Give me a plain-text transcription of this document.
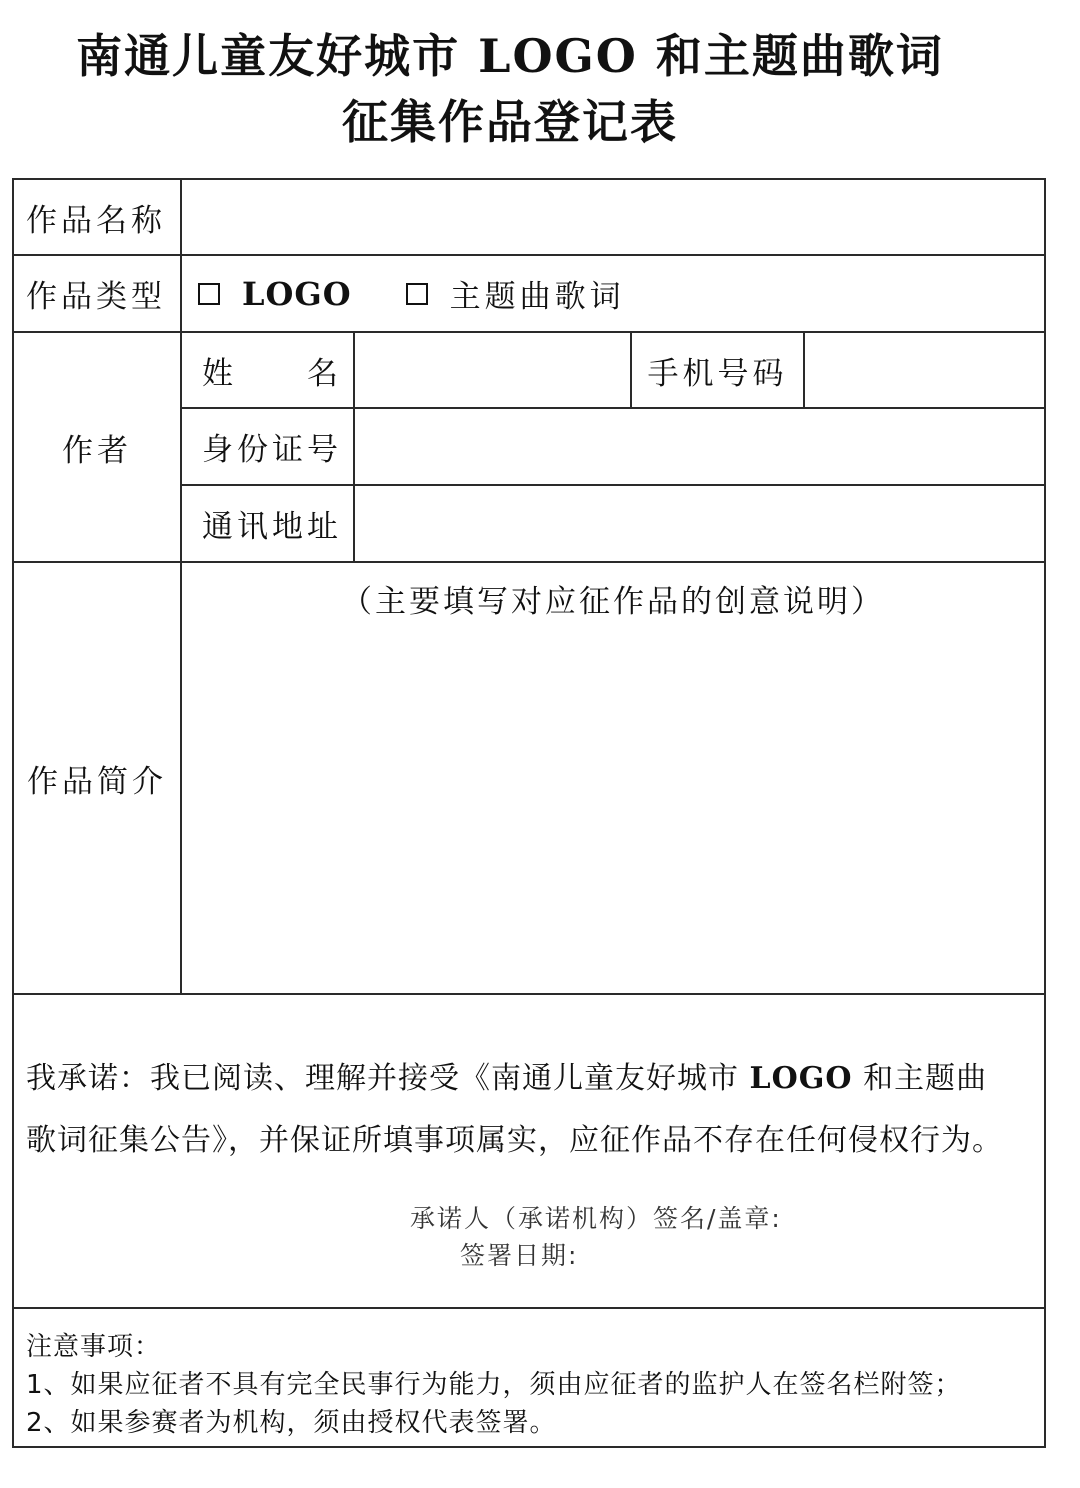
南通儿童友好城市 LOGO 和主题曲歌词
征集作品登记表
作品名称
作品类型 LOGO	主题曲歌词
作者
姓　　名	手机号码
身份证号
通讯地址
作品简介
（主要填写对应征作品的创意说明）
我承诺：我已阅读、理解并接受《南通儿童友好城市 LOGO 和主题曲
歌词征集公告》，并保证所填事项属实，应征作品不存在任何侵权行为。
承诺人（承诺机构）签名/盖章:
签署日期:
注意事项：
1、如果应征者不具有完全民事行为能力，须由应征者的监护人在签名栏附签；
2、如果参赛者为机构，须由授权代表签署。
